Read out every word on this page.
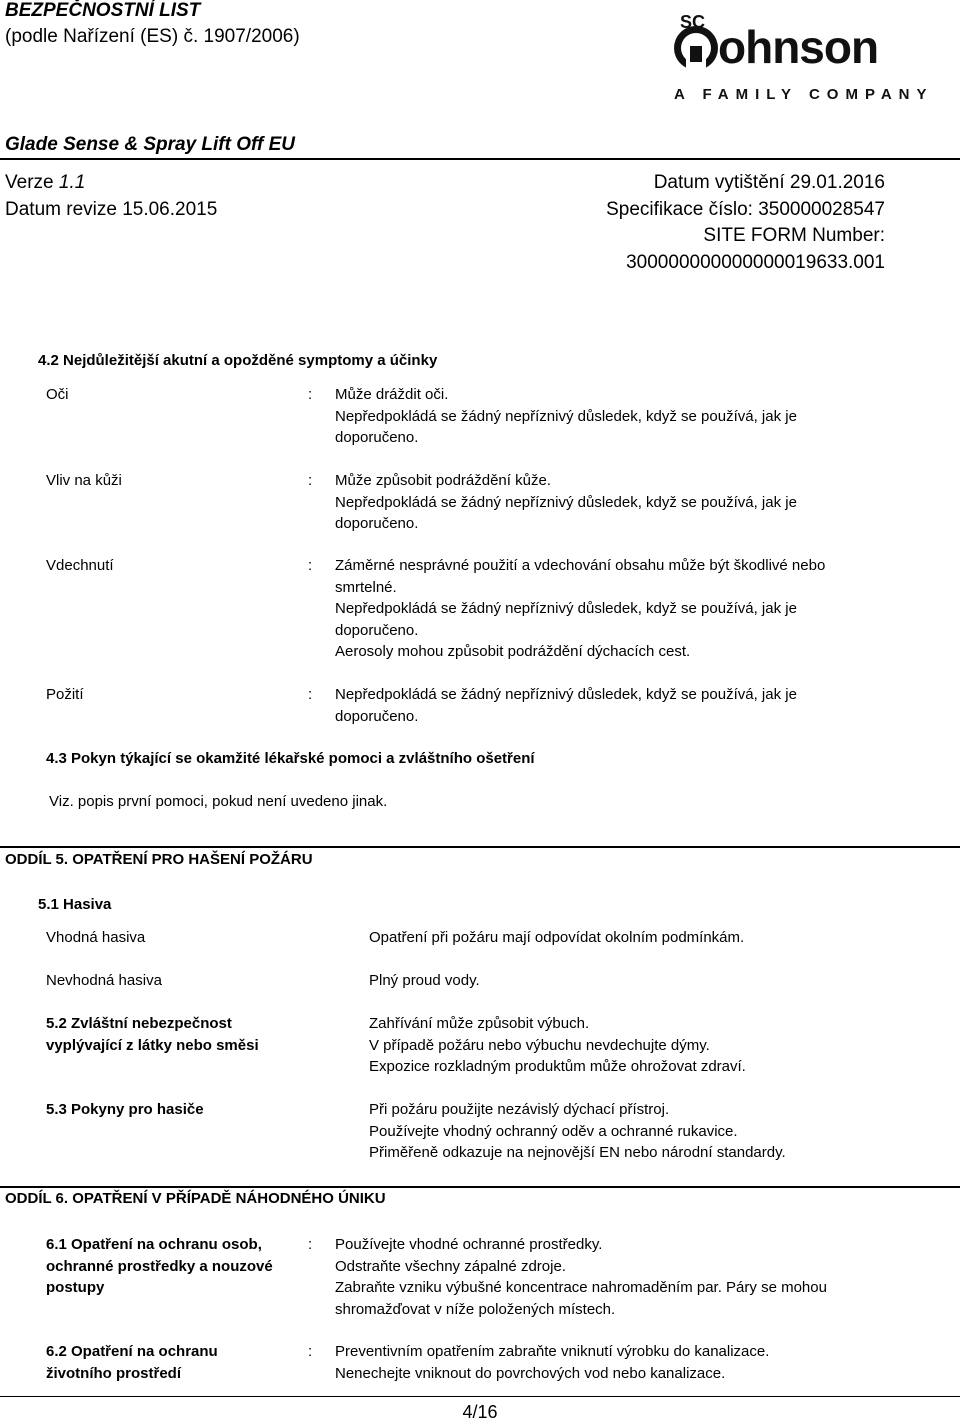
BEZPEČNOSTNÍ LIST
(podle Nařízení (ES) č. 1907/2006)
SC ohnson
A FAMILY COMPANY
Glade Sense & Spray Lift Off EU
Verze 1.1
Datum revize 15.06.2015
Datum vytištění 29.01.2016
Specifikace číslo: 350000028547
SITE FORM Number:
300000000000000019633.001
4.2 Nejdůležitější akutní a opožděné symptomy a účinky
Oči	: Může dráždit oči.
Nepředpokládá se žádný nepříznivý důsledek, když se používá, jak je
doporučeno.
Vliv na kůži	: Může způsobit podráždění kůže.
Nepředpokládá se žádný nepříznivý důsledek, když se používá, jak je
doporučeno.
Vdechnutí	: Záměrné nesprávné použití a vdechování obsahu může být škodlivé nebo
smrtelné.
Nepředpokládá se žádný nepříznivý důsledek, když se používá, jak je
doporučeno.
Aerosoly mohou způsobit podráždění dýchacích cest.
Požití	: Nepředpokládá se žádný nepříznivý důsledek, když se používá, jak je
doporučeno.
4.3 Pokyn týkající se okamžité lékařské pomoci a zvláštního ošetření
Viz. popis první pomoci, pokud není uvedeno jinak.
ODDÍL 5. OPATŘENÍ PRO HAŠENÍ POŽÁRU
5.1 Hasiva
Vhodná hasiva	Opatření při požáru mají odpovídat okolním podmínkám.
Nevhodná hasiva	Plný proud vody.
5.2 Zvláštní nebezpečnost
vyplývající z látky nebo směsi
Zahřívání může způsobit výbuch.
V případě požáru nebo výbuchu nevdechujte dýmy.
Expozice rozkladným produktům může ohrožovat zdraví.
5.3 Pokyny pro hasiče	Při požáru použijte nezávislý dýchací přístroj.
Používejte vhodný ochranný oděv a ochranné rukavice.
Přiměřeně odkazuje na nejnovější EN nebo národní standardy.
ODDÍL 6. OPATŘENÍ V PŘÍPADĚ NÁHODNÉHO ÚNIKU
6.1 Opatření na ochranu osob,
ochranné prostředky a nouzové
postupy
: Používejte vhodné ochranné prostředky.
Odstraňte všechny zápalné zdroje.
Zabraňte vzniku výbušné koncentrace nahromaděním par. Páry se mohou
shromažďovat v níže položených místech.
6.2 Opatření na ochranu
životního prostředí
: Preventivním opatřením zabraňte vniknutí výrobku do kanalizace.
Nenechejte vniknout do povrchových vod nebo kanalizace.
4/16
